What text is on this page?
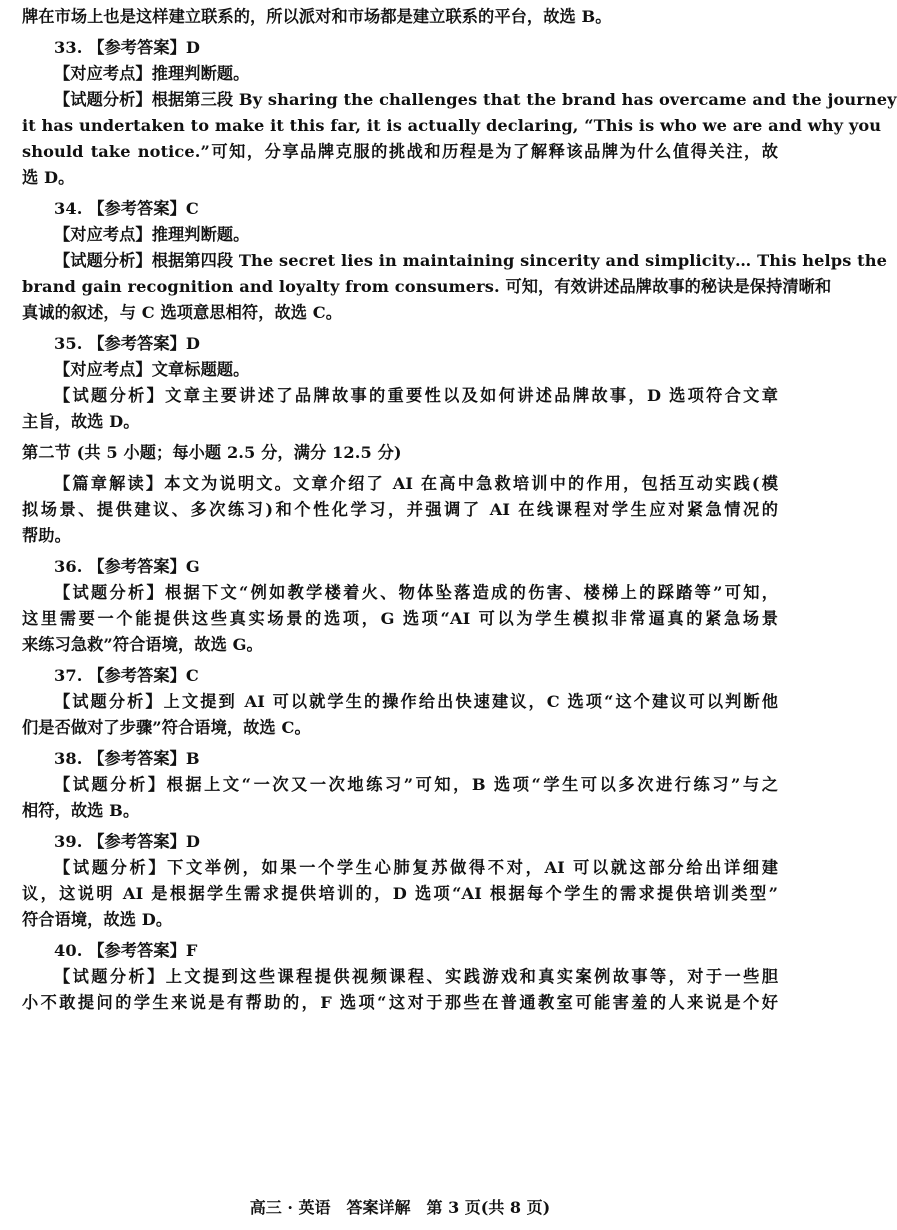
牌在市场上也是这样建立联系的，所以派对和市场都是建立联系的平台，故选 B。
33. 【参考答案】D
【对应考点】推理判断题。
【试题分析】根据第三段 By sharing the challenges that the brand has overcame and the journey
it has undertaken to make it this far, it is actually declaring, “This is who we are and why you
should take notice.”可知，分享品牌克服的挑战和历程是为了解释该品牌为什么值得关注，故
选 D。
34. 【参考答案】C
【对应考点】推理判断题。
【试题分析】根据第四段 The secret lies in maintaining sincerity and simplicity… This helps the
brand gain recognition and loyalty from consumers. 可知，有效讲述品牌故事的秘诀是保持清晰和
真诚的叙述，与 C 选项意思相符，故选 C。
35. 【参考答案】D
【对应考点】文章标题题。
【试题分析】文章主要讲述了品牌故事的重要性以及如何讲述品牌故事，D 选项符合文章
主旨，故选 D。
第二节 (共 5 小题；每小题 2.5 分，满分 12.5 分)
【篇章解读】本文为说明文。文章介绍了 AI 在高中急救培训中的作用，包括互动实践(模
拟场景、提供建议、多次练习)和个性化学习，并强调了 AI 在线课程对学生应对紧急情况的
帮助。
36. 【参考答案】G
【试题分析】根据下文“例如教学楼着火、物体坠落造成的伤害、楼梯上的踩踏等”可知，
这里需要一个能提供这些真实场景的选项，G 选项“AI 可以为学生模拟非常逼真的紧急场景
来练习急救”符合语境，故选 G。
37. 【参考答案】C
【试题分析】上文提到 AI 可以就学生的操作给出快速建议，C 选项“这个建议可以判断他
们是否做对了步骤”符合语境，故选 C。
38. 【参考答案】B
【试题分析】根据上文“一次又一次地练习”可知，B 选项“学生可以多次进行练习”与之
相符，故选 B。
39. 【参考答案】D
【试题分析】下文举例，如果一个学生心肺复苏做得不对，AI 可以就这部分给出详细建
议，这说明 AI 是根据学生需求提供培训的，D 选项“AI 根据每个学生的需求提供培训类型”
符合语境，故选 D。
40. 【参考答案】F
【试题分析】上文提到这些课程提供视频课程、实践游戏和真实案例故事等，对于一些胆
小不敢提问的学生来说是有帮助的，F 选项“这对于那些在普通教室可能害羞的人来说是个好
高三 · 英语　答案详解　第 3 页(共 8 页)
